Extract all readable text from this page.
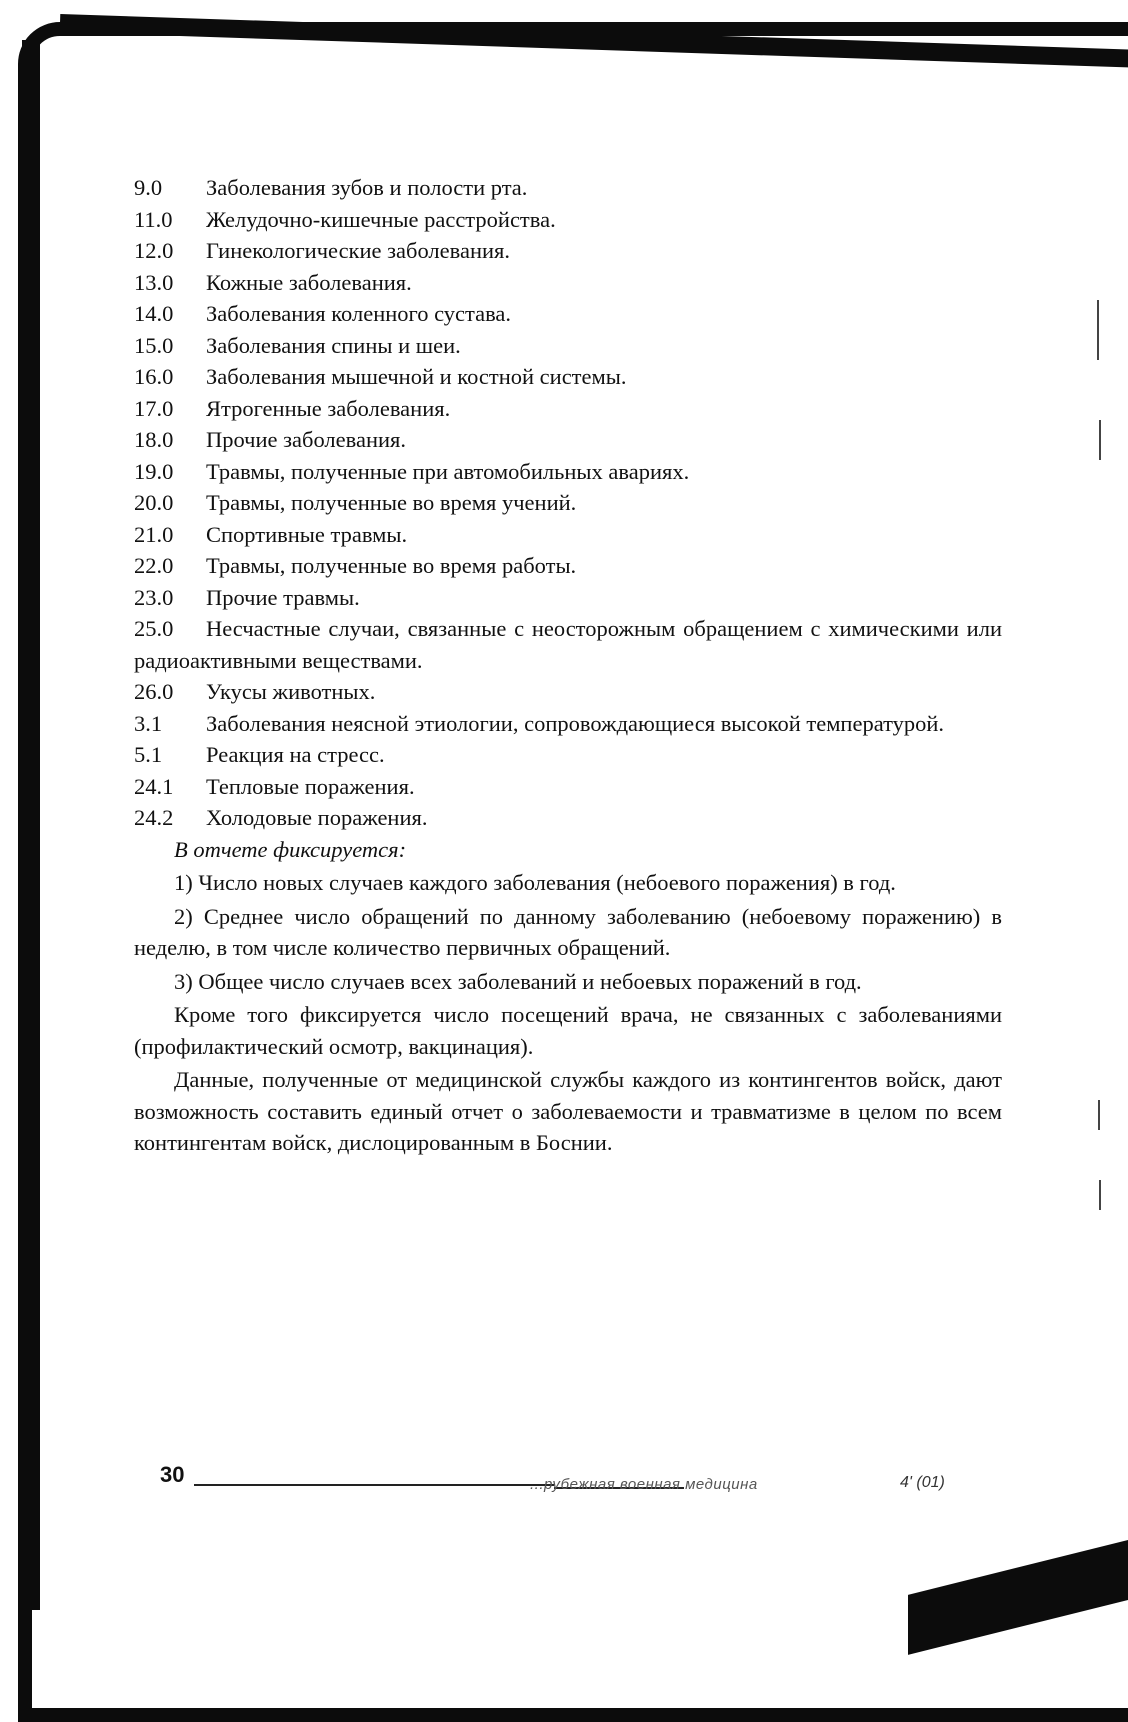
9.0	Заболевания зубов и полости рта.
11.0	Желудочно-кишечные расстройства.
12.0	Гинекологические заболевания.
13.0	Кожные заболевания.
14.0	Заболевания коленного сустава.
15.0	Заболевания спины и шеи.
16.0	Заболевания мышечной и костной системы.
17.0	Ятрогенные заболевания.
18.0	Прочие заболевания.
19.0	Травмы, полученные при автомобильных авариях.
20.0	Травмы, полученные во время учений.
21.0	Спортивные травмы.
22.0	Травмы, полученные во время работы.
23.0	Прочие травмы.
25.0 Несчастные случаи, связанные с неосторожным обращением с химическими или радиоактивными веществами.
26.0	Укусы животных.
3.1 Заболевания неясной этиологии, сопровождающиеся высокой температурой.
5.1	Реакция на стресс.
24.1	Тепловые поражения.
24.2	Холодовые поражения.
В отчете фиксируется:
1) Число новых случаев каждого заболевания (небоевого поражения) в год.
2) Среднее число обращений по данному заболеванию (небоевому поражению) в неделю, в том числе количество первичных обращений.
3) Общее число случаев всех заболеваний и небоевых поражений в год.
Кроме того фиксируется число посещений врача, не связанных с заболеваниями (профилактический осмотр, вакцинация).
Данные, полученные от медицинской службы каждого из контингентов войск, дают возможность составить единый отчет о заболеваемости и травматизме в целом по всем контингентам войск, дислоцированным в Боснии.
30	...рубежная военная медицина	4' (01)
